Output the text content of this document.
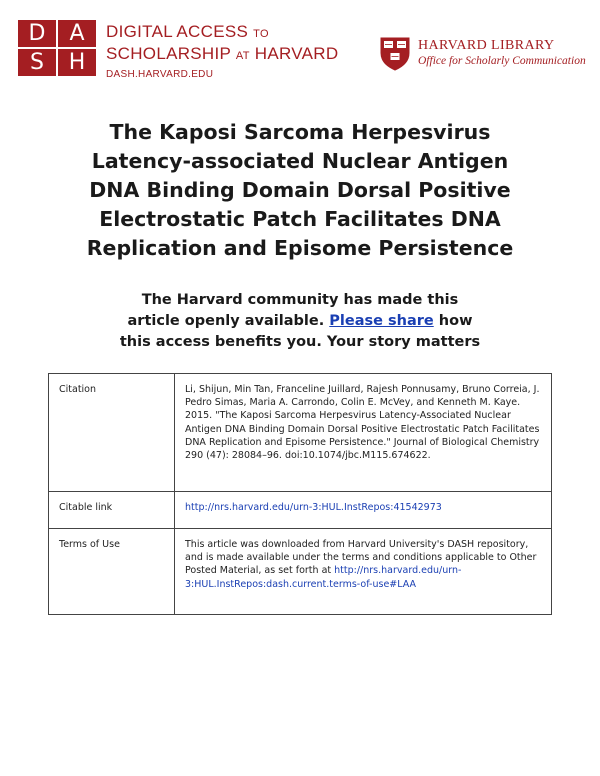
D	A
S	H
DIGITAL ACCESS TO
SCHOLARSHIP AT HARVARD
DASH.HARVARD.EDU
HARVARD LIBRARY
Office for Scholarly Communication
The Kaposi Sarcoma Herpesvirus
Latency-associated Nuclear Antigen
DNA Binding Domain Dorsal Positive
Electrostatic Patch Facilitates DNA
Replication and Episome Persistence
The Harvard community has made this
article openly available. Please share how
this access benefits you. Your story matters
Citation	Li, Shijun, Min Tan, Franceline Juillard, Rajesh Ponnusamy, Bruno Correia, J. Pedro Simas, Maria A. Carrondo, Colin E. McVey, and Kenneth M. Kaye. 2015. "The Kaposi Sarcoma Herpesvirus Latency-Associated Nuclear Antigen DNA Binding Domain Dorsal Positive Electrostatic Patch Facilitates DNA Replication and Episome Persistence." Journal of Biological Chemistry 290 (47): 28084–96. doi:10.1074/jbc.M115.674622.
Citable link	http://nrs.harvard.edu/urn-3:HUL.InstRepos:41542973
Terms of Use	This article was downloaded from Harvard University's DASH repository, and is made available under the terms and conditions applicable to Other Posted Material, as set forth at http://nrs.harvard.edu/urn-3:HUL.InstRepos:dash.current.terms-of-use#LAA
